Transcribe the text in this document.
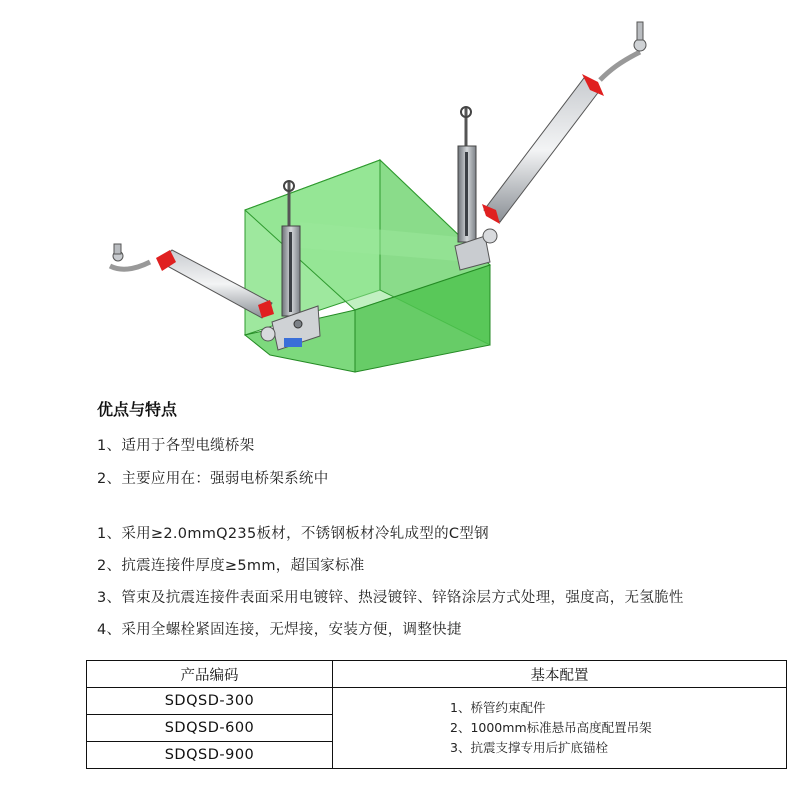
优点与特点
1、适用于各型电缆桥架
2、主要应用在：强弱电桥架系统中
1、采用≥2.0mmQ235板材，不锈钢板材冷轧成型的C型钢
2、抗震连接件厚度≥5mm，超国家标准
3、管束及抗震连接件表面采用电镀锌、热浸镀锌、锌铬涂层方式处理，强度高，无氢脆性
4、采用全螺栓紧固连接，无焊接，安装方便，调整快捷
产品编码	基本配置
SDQSD-300	1、桥管约束配件
2、1000mm标准悬吊高度配置吊架
3、抗震支撑专用后扩底锚栓

SDQSD-600	
SDQSD-900	
